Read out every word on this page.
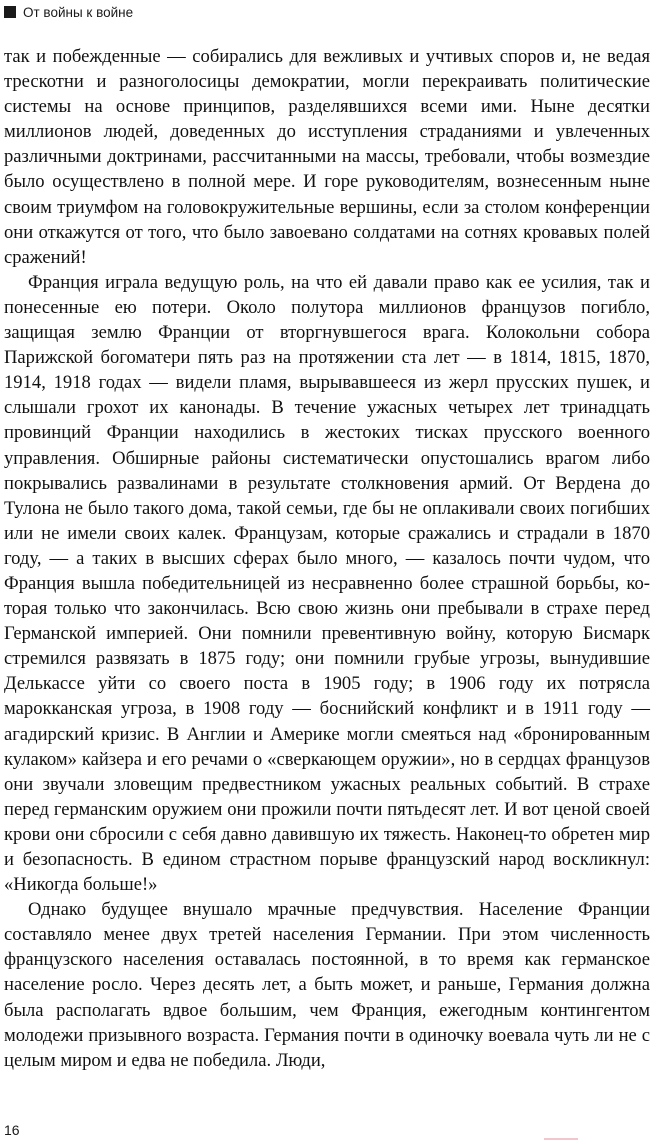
От войны к войне

так и побежденные — собирались для вежливых и учтивых споров и, не ведая трескотни и разноголосицы демократии, могли перекраивать политические системы на основе принципов, разделявшихся всеми ими. Ныне десятки миллионов людей, доведенных до исступления страданиями и увлеченных различными доктринами, рассчитанными на массы, требовали, чтобы возмездие было осуществлено в полной мере. И горе руководителям, вознесенным ныне своим триумфом на головокружительные вершины, если за столом конференции они откажутся от того, что было завоевано солдатами на сотнях кровавых полей сражений!

Франция играла ведущую роль, на что ей давали право как ее усилия, так и понесенные ею потери. Около полутора миллионов французов погибло, защищая землю Франции от вторгнувшегося врага. Колокольни собора Парижской богоматери пять раз на протяжении ста лет — в 1814, 1815, 1870, 1914, 1918 годах — видели пламя, вырывавшееся из жерл прусских пушек, и слышали грохот их канонады. В течение ужасных четырех лет тринадцать провинций Франции находились в жестоких тисках прусского военного управления. Обширные районы систематически опустошались врагом либо покрывались развалинами в результате столкновения армий. От Вердена до Тулона не было такого дома, такой семьи, где бы не оплакивали своих погибших или не имели своих калек. Французам, которые сражались и страдали в 1870 году, — а таких в высших сферах было много, — казалось почти чудом, что Франция вышла победительницей из несравненно более страшной борьбы, которая только что закончилась. Всю свою жизнь они пребывали в страхе перед Германской империей. Они помнили превентивную войну, которую Бисмарк стремился развязать в 1875 году; они помнили грубые угрозы, вынудившие Делькассе уйти со своего поста в 1905 году; в 1906 году их потрясла марокканская угроза, в 1908 году — боснийский конфликт и в 1911 году — агадирский кризис. В Англии и Америке могли смеяться над «бронированным кулаком» кайзера и его речами о «сверкающем оружии», но в сердцах французов они звучали зловещим предвестником ужасных реальных событий. В страхе перед германским оружием они прожили почти пятьдесят лет. И вот ценой своей крови они сбросили с себя давно давившую их тяжесть. Наконец-то обретен мир и безопасность. В едином страстном порыве французский народ воскликнул: «Никогда больше!»

Однако будущее внушало мрачные предчувствия. Население Франции составляло менее двух третей населения Германии. При этом численность французского населения оставалась постоянной, в то время как германское население росло. Через десять лет, а быть может, и раньше, Германия должна была располагать вдвое большим, чем Франция, ежегодным контингентом молодежи призывного возраста. Германия почти в одиночку воевала чуть ли не с целым миром и едва не победила. Люди,

16
